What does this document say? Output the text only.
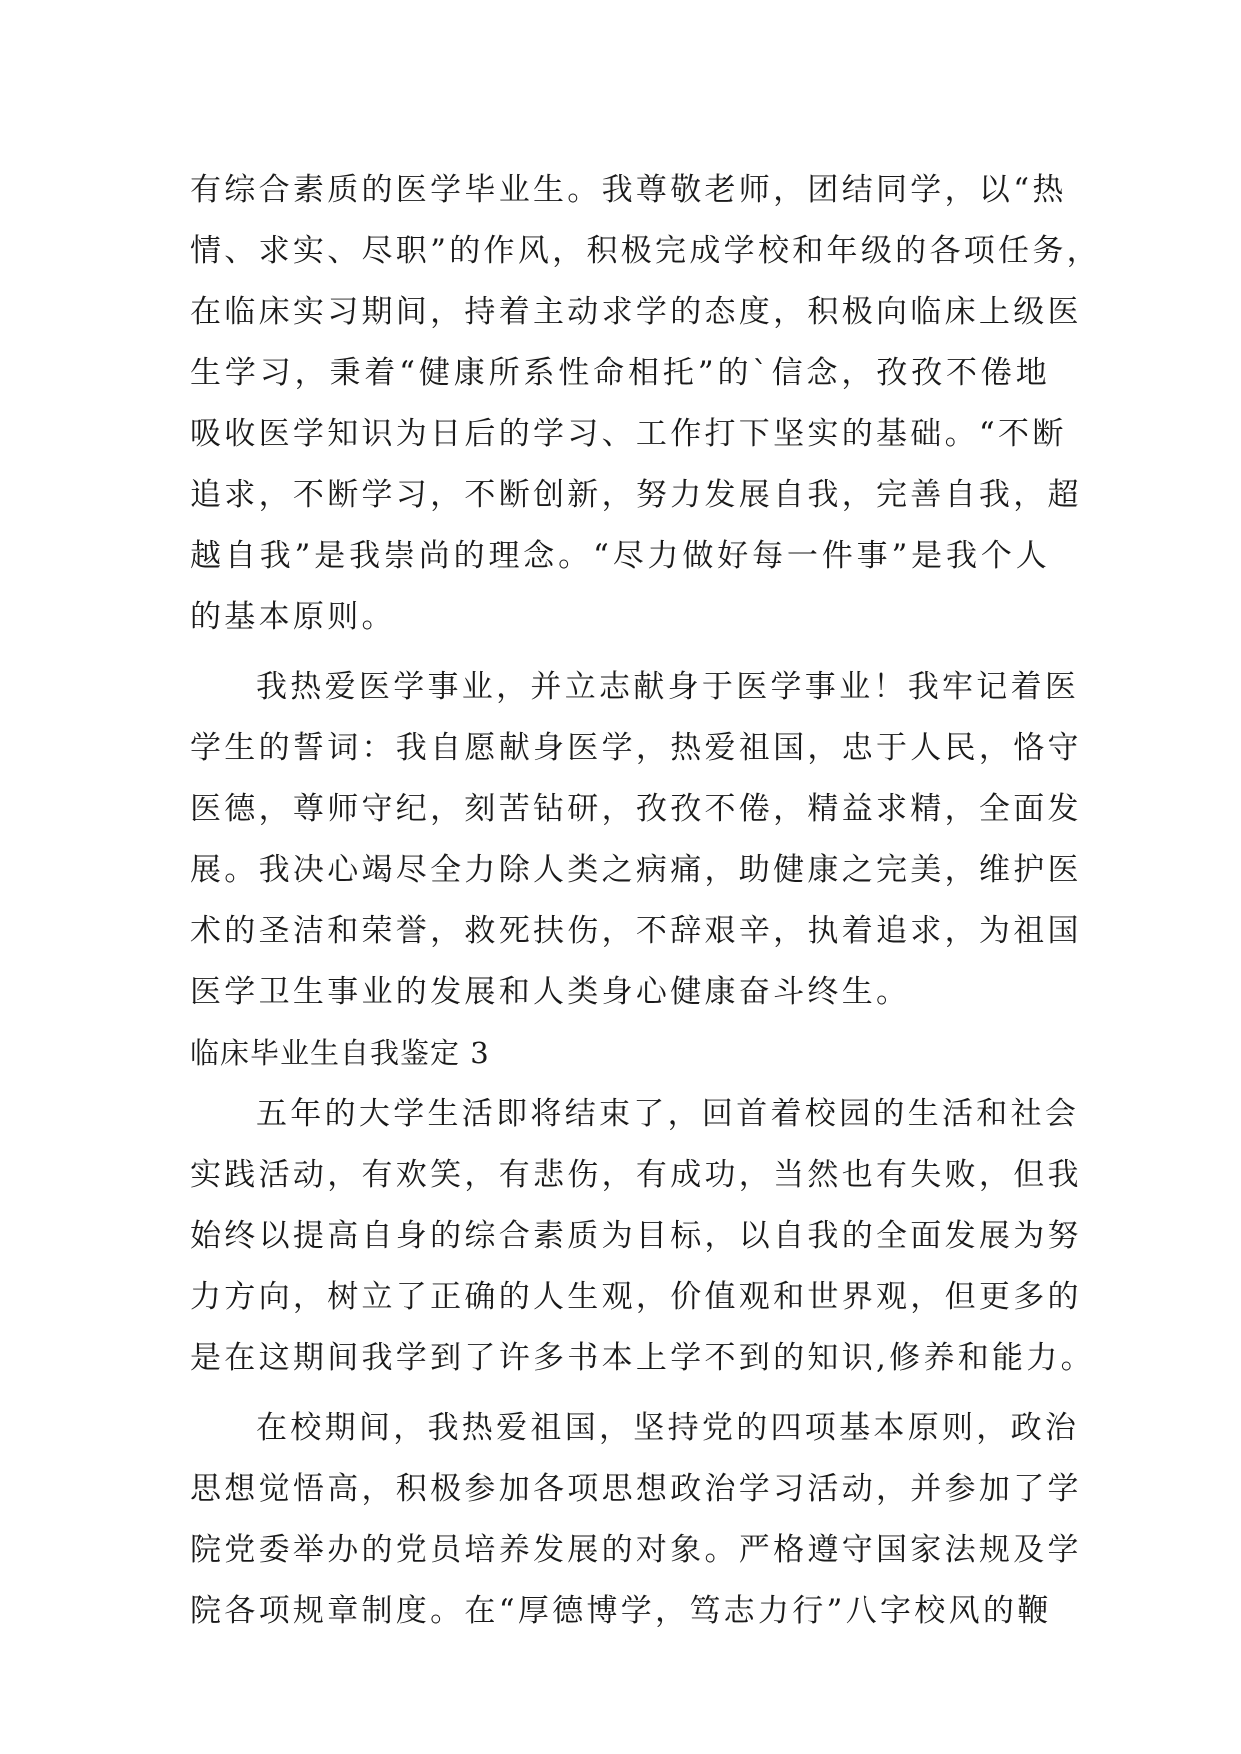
有综合素质的医学毕业生。我尊敬老师，团结同学，以“热
情、求实、尽职”的作风，积极完成学校和年级的各项任务，
在临床实习期间，持着主动求学的态度，积极向临床上级医
生学习，秉着“健康所系性命相托”的`信念，孜孜不倦地
吸收医学知识为日后的学习、工作打下坚实的基础。“不断
追求，不断学习，不断创新，努力发展自我，完善自我，超
越自我”是我崇尚的理念。“尽力做好每一件事”是我个人
的基本原则。
我热爱医学事业，并立志献身于医学事业！我牢记着医
学生的誓词：我自愿献身医学，热爱祖国，忠于人民，恪守
医德，尊师守纪，刻苦钻研，孜孜不倦，精益求精，全面发
展。我决心竭尽全力除人类之病痛，助健康之完美，维护医
术的圣洁和荣誉，救死扶伤，不辞艰辛，执着追求，为祖国
医学卫生事业的发展和人类身心健康奋斗终生。
临床毕业生自我鉴定 3
五年的大学生活即将结束了，回首着校园的生活和社会
实践活动，有欢笑，有悲伤，有成功，当然也有失败，但我
始终以提高自身的综合素质为目标，以自我的全面发展为努
力方向，树立了正确的人生观，价值观和世界观，但更多的
是在这期间我学到了许多书本上学不到的知识,修养和能力。
在校期间，我热爱祖国，坚持党的四项基本原则，政治
思想觉悟高，积极参加各项思想政治学习活动，并参加了学
院党委举办的党员培养发展的对象。严格遵守国家法规及学
院各项规章制度。在“厚德博学，笃志力行”八字校风的鞭
